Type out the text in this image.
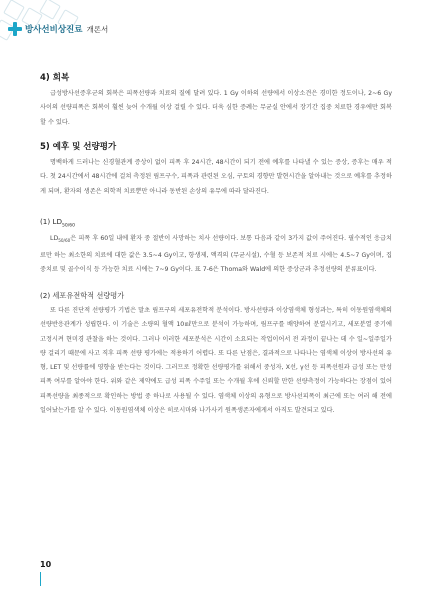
방사선비상진료 개론서
4) 회복

급성방사선증후군의 회복은 피폭선량과 치료의 질에 달려 있다. 1 Gy 이하의 선량에서 이상소견은 경미한 정도이나, 2~6 Gy 사이의 선량피폭은 회복이 훨씬 늦어 수개월 이상 걸릴 수 있다. 더욱 심한 증례는 무균실 안에서 장기간 집중 치료한 경우에만 회복할 수 있다.

5) 예후 및 선량평가

명백하게 드러나는 신경혈관계 증상이 없이 피폭 후 24시간, 48시간이 되기 전에 예후를 나타낼 수 있는 증상, 증후는 매우 적다. 첫 24시간에서 48시간에 걸쳐 측정된 림프구수, 피폭과 관련된 오심, 구토의 경향만 발현시간을 알아내는 것으로 예후를 추정하게 되며, 환자의 생존은 의학적 치료뿐만 아니라 동반된 손상의 유무에 따라 달라진다.

(1) $LD_{50/60}$

$LD_{50/60}$은 피폭 후 60일 내에 환자 중 절반이 사망하는 치사 선량이다. 보통 다음과 같이 3가지 값이 주어진다. 필수적인 응급치료만 하는 최소한의 치료에 대한 값은 3.5~4 Gy이고, 항생제, 액격의 (무균시설), 수혈 등 보존적 치료 시에는 4.5~7 Gy이며, 집중치료 및 골수이식 등 가능한 치료 시에는 7~9 Gy이다. 표 7-6은 Thoma와 Wald에 의한 증상군과 추정선량의 분류표이다.

(2) 세포유전학적 선량평가

또 다른 진단적 선량평가 기법은 말초 림프구의 세포유전학적 분석이다. 방사선량과 이상염색체 형성과는, 특히 이동원염색체의 선량반응관계가 성립한다. 이 기술은 소량의 혈액 10㎖만으로 분석이 가능하며, 림프구를 배양하여 분열시키고, 세포분열 중기에 고정시켜 현미경 관찰을 하는 것이다. 그러나 이러한 세포분석은 시간이 소요되는 작업이어서 전 과정이 끝나는 데 수 일~일주일가량 걸리기 때문에 사고 직후 피폭 선량 평가에는 적용하기 어렵다. 또 다른 난점은, 결과적으로 나타나는 염색체 이상이 방사선의 유형, LET 및 선량률에 영향을 받는다는 것이다. 그러므로 정확한 선량평가를 위해서 중성자, X선, γ선 등 피폭선원과 급성 또는 만성 피폭 여부를 알아야 한다. 위와 같은 제약에도 급성 피폭 수주일 또는 수개월 후에 신뢰할 만한 선량측정이 가능하다는 장점이 있어 피폭선량을 최종적으로 확인하는 방법 중 하나로 사용될 수 있다. 염색체 이상의 유형으로 방사선피폭이 최근에 또는 여러 해 전에 일어났는가를 알 수 있다. 이동원염색체 이상은 히로시마와 나가사키 원폭생존자에게서 아직도 발견되고 있다.

10
